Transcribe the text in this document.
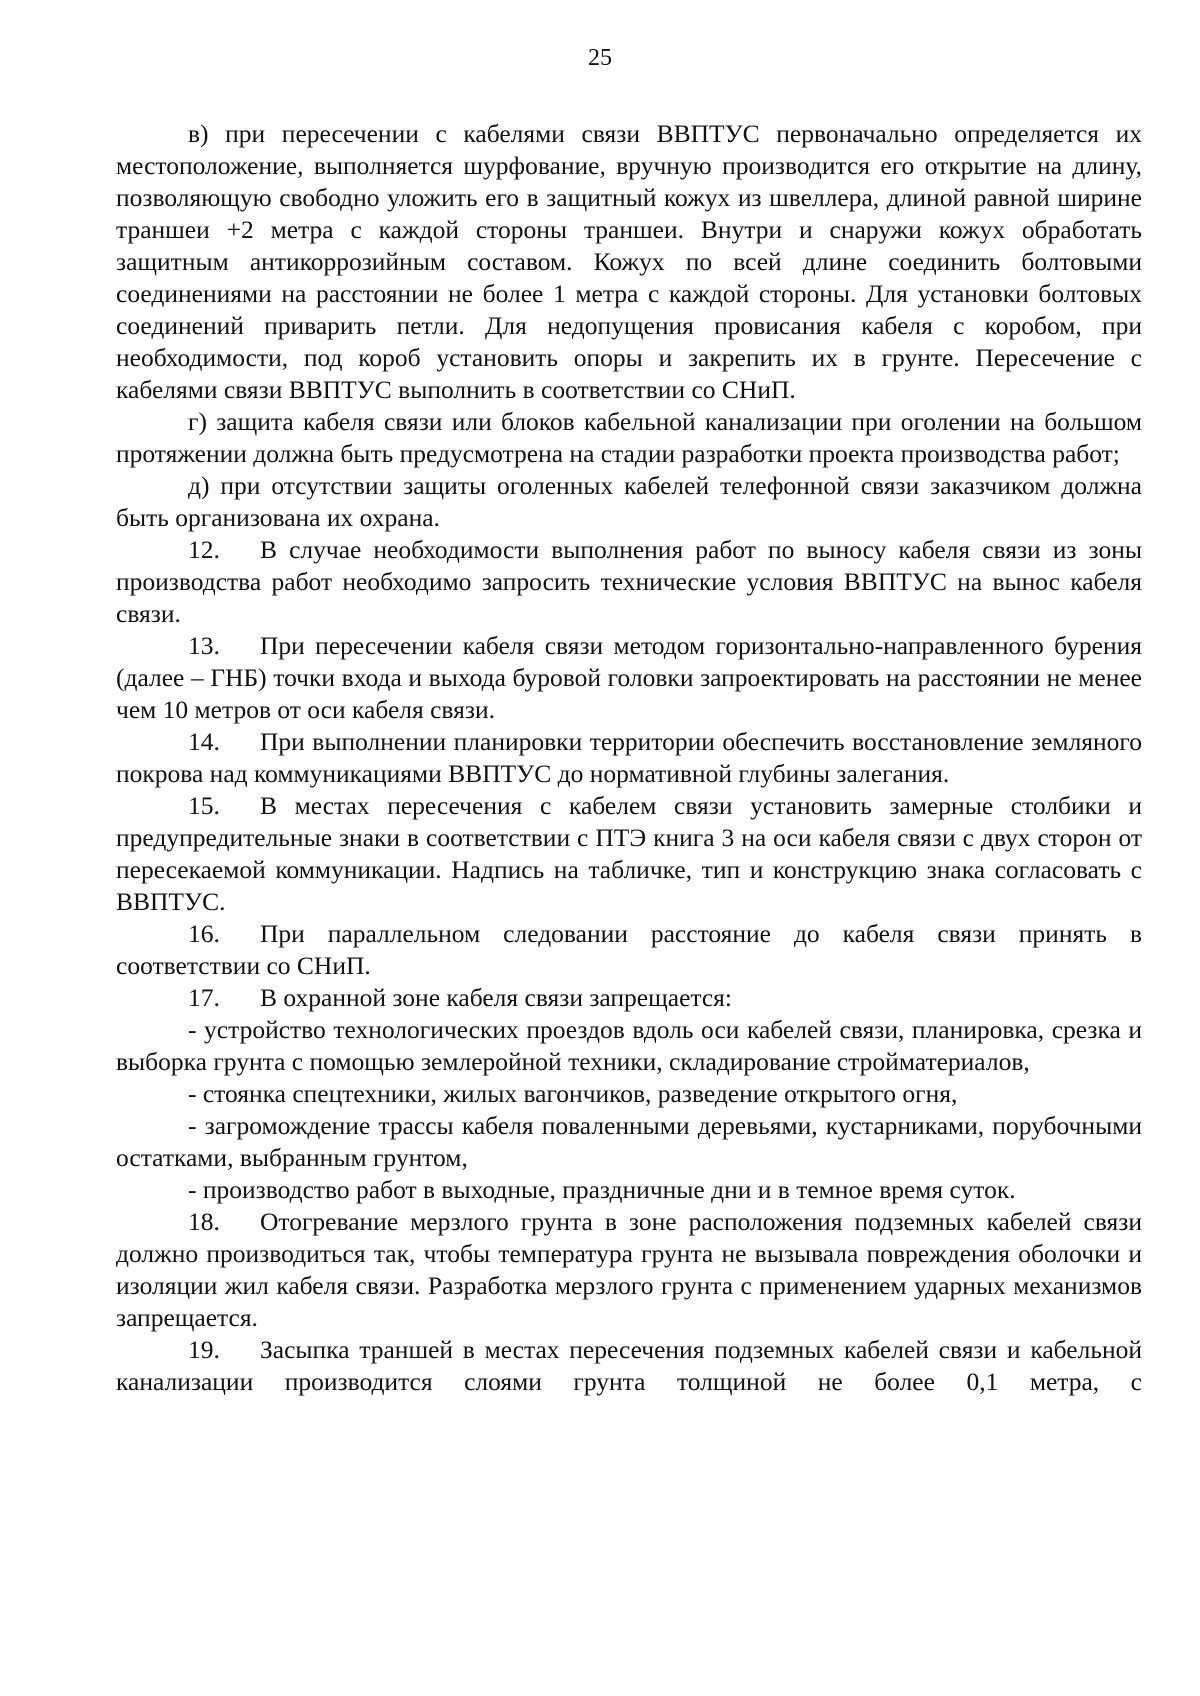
25

в) при пересечении с кабелями связи ВВПТУС первоначально определяется их местоположение, выполняется шурфование, вручную производится его открытие на длину, позволяющую свободно уложить его в защитный кожух из швеллера, длиной равной ширине траншеи +2 метра с каждой стороны траншеи. Внутри и снаружи кожух обработать защитным антикоррозийным составом. Кожух по всей длине соединить болтовыми соединениями на расстоянии не более 1 метра с каждой стороны. Для установки болтовых соединений приварить петли. Для недопущения провисания кабеля с коробом, при необходимости, под короб установить опоры и закрепить их в грунте. Пересечение с кабелями связи ВВПТУС выполнить в соответствии со СНиП.

г) защита кабеля связи или блоков кабельной канализации при оголении на большом протяжении должна быть предусмотрена на стадии разработки проекта производства работ;

д) при отсутствии защиты оголенных кабелей телефонной связи заказчиком должна быть организована их охрана.

12. В случае необходимости выполнения работ по выносу кабеля связи из зоны производства работ необходимо запросить технические условия ВВПТУС на вынос кабеля связи.

13. При пересечении кабеля связи методом горизонтально-направленного бурения (далее – ГНБ) точки входа и выхода буровой головки запроектировать на расстоянии не менее чем 10 метров от оси кабеля связи.

14. При выполнении планировки территории обеспечить восстановление земляного покрова над коммуникациями ВВПТУС до нормативной глубины залегания.

15. В местах пересечения с кабелем связи установить замерные столбики и предупредительные знаки в соответствии с ПТЭ книга 3 на оси кабеля связи с двух сторон от пересекаемой коммуникации. Надпись на табличке, тип и конструкцию знака согласовать с ВВПТУС.

16. При параллельном следовании расстояние до кабеля связи принять в соответствии со СНиП.

17. В охранной зоне кабеля связи запрещается:

- устройство технологических проездов вдоль оси кабелей связи, планировка, срезка и выборка грунта с помощью землеройной техники, складирование стройматериалов,

- стоянка спецтехники, жилых вагончиков, разведение открытого огня,

- загромождение трассы кабеля поваленными деревьями, кустарниками, порубочными остатками, выбранным грунтом,

- производство работ в выходные, праздничные дни и в темное время суток.

18. Отогревание мерзлого грунта в зоне расположения подземных кабелей связи должно производиться так, чтобы температура грунта не вызывала повреждения оболочки и изоляции жил кабеля связи. Разработка мерзлого грунта с применением ударных механизмов запрещается.

19. Засыпка траншей в местах пересечения подземных кабелей связи и кабельной канализации производится слоями грунта толщиной не более 0,1 метра, с
